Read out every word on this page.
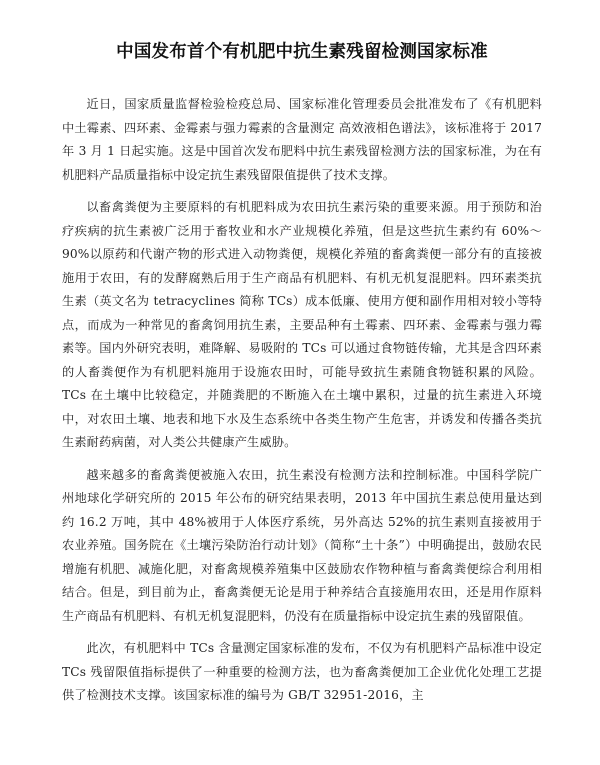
中国发布首个有机肥中抗生素残留检测国家标准

近日，国家质量监督检验检疫总局、国家标准化管理委员会批准发布了《有机肥料中土霉素、四环素、金霉素与强力霉素的含量测定 高效液相色谱法》，该标准将于 2017 年 3 月 1 日起实施。这是中国首次发布肥料中抗生素残留检测方法的国家标准，为在有机肥料产品质量指标中设定抗生素残留限值提供了技术支撑。

以畜禽粪便为主要原料的有机肥料成为农田抗生素污染的重要来源。用于预防和治疗疾病的抗生素被广泛用于畜牧业和水产业规模化养殖，但是这些抗生素约有 60%～90%以原药和代谢产物的形式进入动物粪便，规模化养殖的畜禽粪便一部分有的直接被施用于农田，有的发酵腐熟后用于生产商品有机肥料、有机无机复混肥料。四环素类抗生素（英文名为 tetracyclines 简称 TCs）成本低廉、使用方便和副作用相对较小等特点，而成为一种常见的畜禽饲用抗生素，主要品种有土霉素、四环素、金霉素与强力霉素等。国内外研究表明，难降解、易吸附的 TCs 可以通过食物链传输，尤其是含四环素的人畜粪便作为有机肥料施用于设施农田时，可能导致抗生素随食物链积累的风险。TCs 在土壤中比较稳定，并随粪肥的不断施入在土壤中累积，过量的抗生素进入环境中，对农田土壤、地表和地下水及生态系统中各类生物产生危害，并诱发和传播各类抗生素耐药病菌，对人类公共健康产生威胁。

越来越多的畜禽粪便被施入农田，抗生素没有检测方法和控制标准。中国科学院广州地球化学研究所的 2015 年公布的研究结果表明，2013 年中国抗生素总使用量达到约 16.2 万吨，其中 48%被用于人体医疗系统，另外高达 52%的抗生素则直接被用于农业养殖。国务院在《土壤污染防治行动计划》（简称“土十条”）中明确提出，鼓励农民增施有机肥、减施化肥，对畜禽规模养殖集中区鼓励农作物种植与畜禽粪便综合利用相结合。但是，到目前为止，畜禽粪便无论是用于种养结合直接施用农田，还是用作原料生产商品有机肥料、有机无机复混肥料，仍没有在质量指标中设定抗生素的残留限值。

此次，有机肥料中 TCs 含量测定国家标准的发布，不仅为有机肥料产品标准中设定 TCs 残留限值指标提供了一种重要的检测方法，也为畜禽粪便加工企业优化处理工艺提供了检测技术支撑。该国家标准的编号为 GB/T 32951-2016，主
